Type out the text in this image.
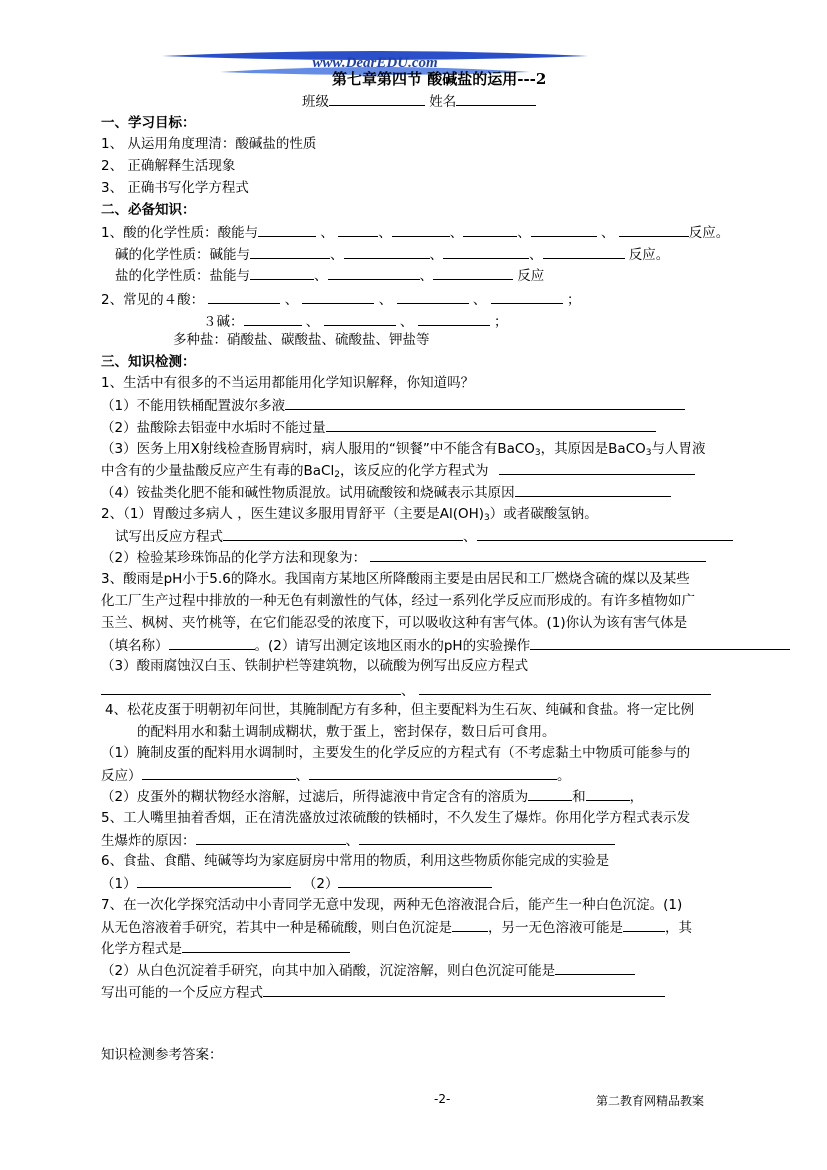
www.DearEDU.com
第七章第四节 酸碱盐的运用---2
班级	姓名
一、学习目标：
1、 从运用角度理清：酸碱盐的性质
2、 正确解释生活现象
3、 正确书写化学方程式
二、必备知识：
1、酸的化学性质：酸能与	、	、	、	、	、	反应。
碱的化学性质：碱能与	、	、	、	反应。
盐的化学性质：盐能与	、	、	反应
2、常见的４酸：	、	、	、	；
３碱：	、	、	；
多种盐：硝酸盐、碳酸盐、硫酸盐、钾盐等
三、知识检测：
1、生活中有很多的不当运用都能用化学知识解释，你知道吗？
（1）不能用铁桶配置波尔多液
（2）盐酸除去铝壶中水垢时不能过量
（3）医务上用X射线检查肠胃病时，病人服用的“钡餐”中不能含有BaCO$_3$，其原因是BaCO$_3$与人胃液
中含有的少量盐酸反应产生有毒的BaCl$_2$，该反应的化学方程式为
（4）铵盐类化肥不能和碱性物质混放。试用硫酸铵和烧碱表示其原因
2、（1）胃酸过多病人 ，医生建议多服用胃舒平（主要是$Al(OH)_3$）或者碳酸氢钠。
试写出反应方程式	、
（2）检验某珍珠饰品的化学方法和现象为：
3、酸雨是pH小于5.6的降水。我国南方某地区所降酸雨主要是由居民和工厂燃烧含硫的煤以及某些
化工厂生产过程中排放的一种无色有刺激性的气体，经过一系列化学反应而形成的。有许多植物如广
玉兰、枫树、夹竹桃等，在它们能忍受的浓度下，可以吸收这种有害气体。(1)你认为该有害气体是
（填名称）	。(2）请写出测定该地区雨水的pH的实验操作
（3）酸雨腐蚀汉白玉、铁制护栏等建筑物，以硫酸为例写出反应方程式
、
4、松花皮蛋于明朝初年问世，其腌制配方有多种，但主要配料为生石灰、纯碱和食盐。将一定比例
的配料用水和黏土调制成糊状，敷于蛋上，密封保存，数日后可食用。
（1）腌制皮蛋的配料用水调制时，主要发生的化学反应的方程式有（不考虑黏土中物质可能参与的
反应）	、	。
（2）皮蛋外的糊状物经水溶解，过滤后，所得滤液中肯定含有的溶质为	和	，
5、工人嘴里抽着香烟，正在清洗盛放过浓硫酸的铁桶时，不久发生了爆炸。你用化学方程式表示发
生爆炸的原因：	、
6、食盐、食醋、纯碱等均为家庭厨房中常用的物质，利用这些物质你能完成的实验是
（1）	（2）
7、在一次化学探究活动中小青同学无意中发现，两种无色溶液混合后，能产生一种白色沉淀。(1)
从无色溶液着手研究，若其中一种是稀硫酸，则白色沉淀是	，另一无色溶液可能是	，其
化学方程式是
（2）从白色沉淀着手研究，向其中加入硝酸，沉淀溶解，则白色沉淀可能是
写出可能的一个反应方程式
知识检测参考答案：
-2-	第二教育网精品教案
